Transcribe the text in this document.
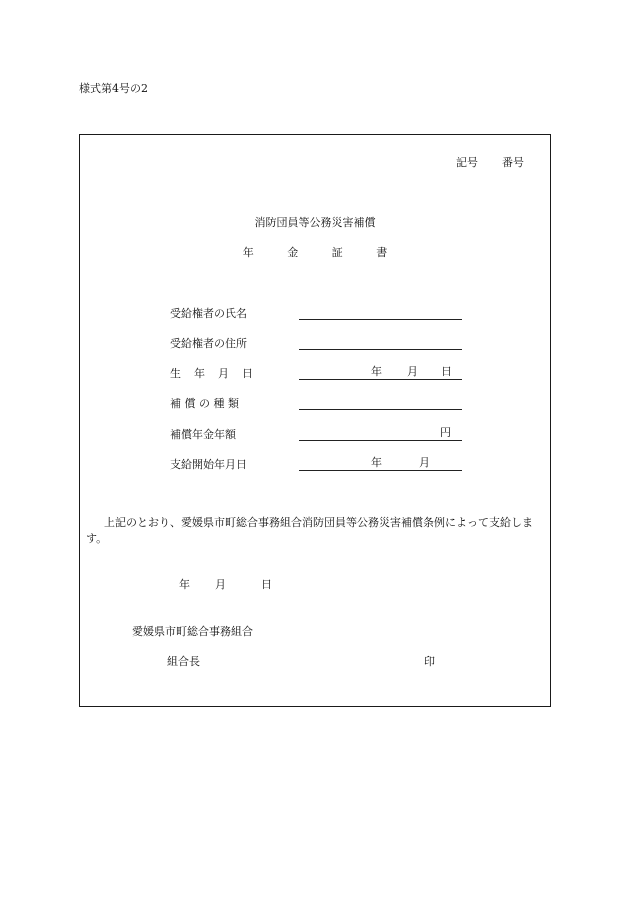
様式第4号の2
記号 番号
消防団員等公務災害補償
年	金	証	書
受給権者の氏名
受給権者の住所
生　年　月　日	年 月 日
補 償 の 種 類
補償年金年額	円
支給開始年月日	年	月
上記のとおり、愛媛県市町総合事務組合消防団員等公務災害補償条例によって支給します。
年 月	日
愛媛県市町総合事務組合
組合長	印
